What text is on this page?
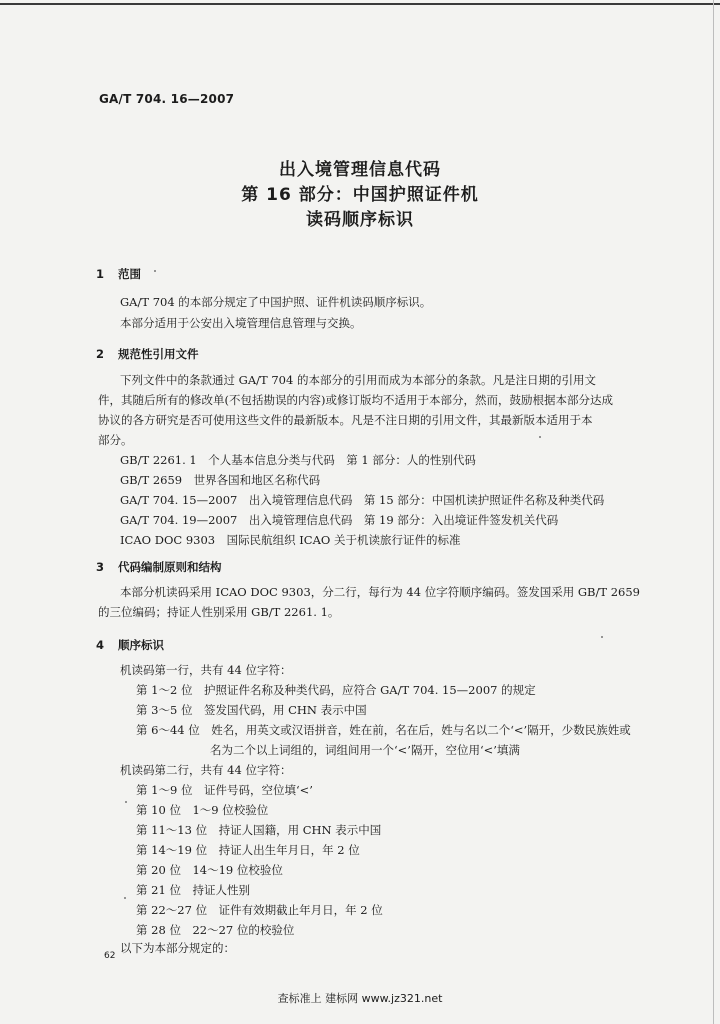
GA/T 704. 16—2007
出入境管理信息代码
第 16 部分：中国护照证件机
读码顺序标识
1 范围
GA/T 704 的本部分规定了中国护照、证件机读码顺序标识。
本部分适用于公安出入境管理信息管理与交换。
2 规范性引用文件
下列文件中的条款通过 GA/T 704 的本部分的引用而成为本部分的条款。凡是注日期的引用文
件，其随后所有的修改单(不包括勘误的内容)或修订版均不适用于本部分，然而，鼓励根据本部分达成
协议的各方研究是否可使用这些文件的最新版本。凡是不注日期的引用文件，其最新版本适用于本
部分。
GB/T 2261. 1　个人基本信息分类与代码　第 1 部分：人的性别代码
GB/T 2659　世界各国和地区名称代码
GA/T 704. 15—2007　出入境管理信息代码　第 15 部分：中国机读护照证件名称及种类代码
GA/T 704. 19—2007　出入境管理信息代码　第 19 部分：入出境证件签发机关代码
ICAO DOC 9303　国际民航组织 ICAO 关于机读旅行证件的标准
3 代码编制原则和结构
本部分机读码采用 ICAO DOC 9303，分二行，每行为 44 位字符顺序编码。签发国采用 GB/T 2659
的三位编码；持证人性别采用 GB/T 2261. 1。
4 顺序标识
机读码第一行，共有 44 位字符：
第 1～2 位　护照证件名称及种类代码，应符合 GA/T 704. 15—2007 的规定
第 3～5 位　签发国代码，用 CHN 表示中国
第 6～44 位　姓名，用英文或汉语拼音，姓在前，名在后，姓与名以二个‘<’隔开，少数民族姓或
名为二个以上词组的，词组间用一个‘<’隔开，空位用‘<’填满
机读码第二行，共有 44 位字符：
第 1～9 位　证件号码，空位填‘<’
第 10 位　1～9 位校验位
第 11～13 位　持证人国籍，用 CHN 表示中国
第 14～19 位　持证人出生年月日，年 2 位
第 20 位　14～19 位校验位
第 21 位　持证人性别
第 22～27 位　证件有效期截止年月日，年 2 位
第 28 位　22～27 位的校验位
以下为本部分规定的：
62
查标准上 建标网 www.jz321.net
